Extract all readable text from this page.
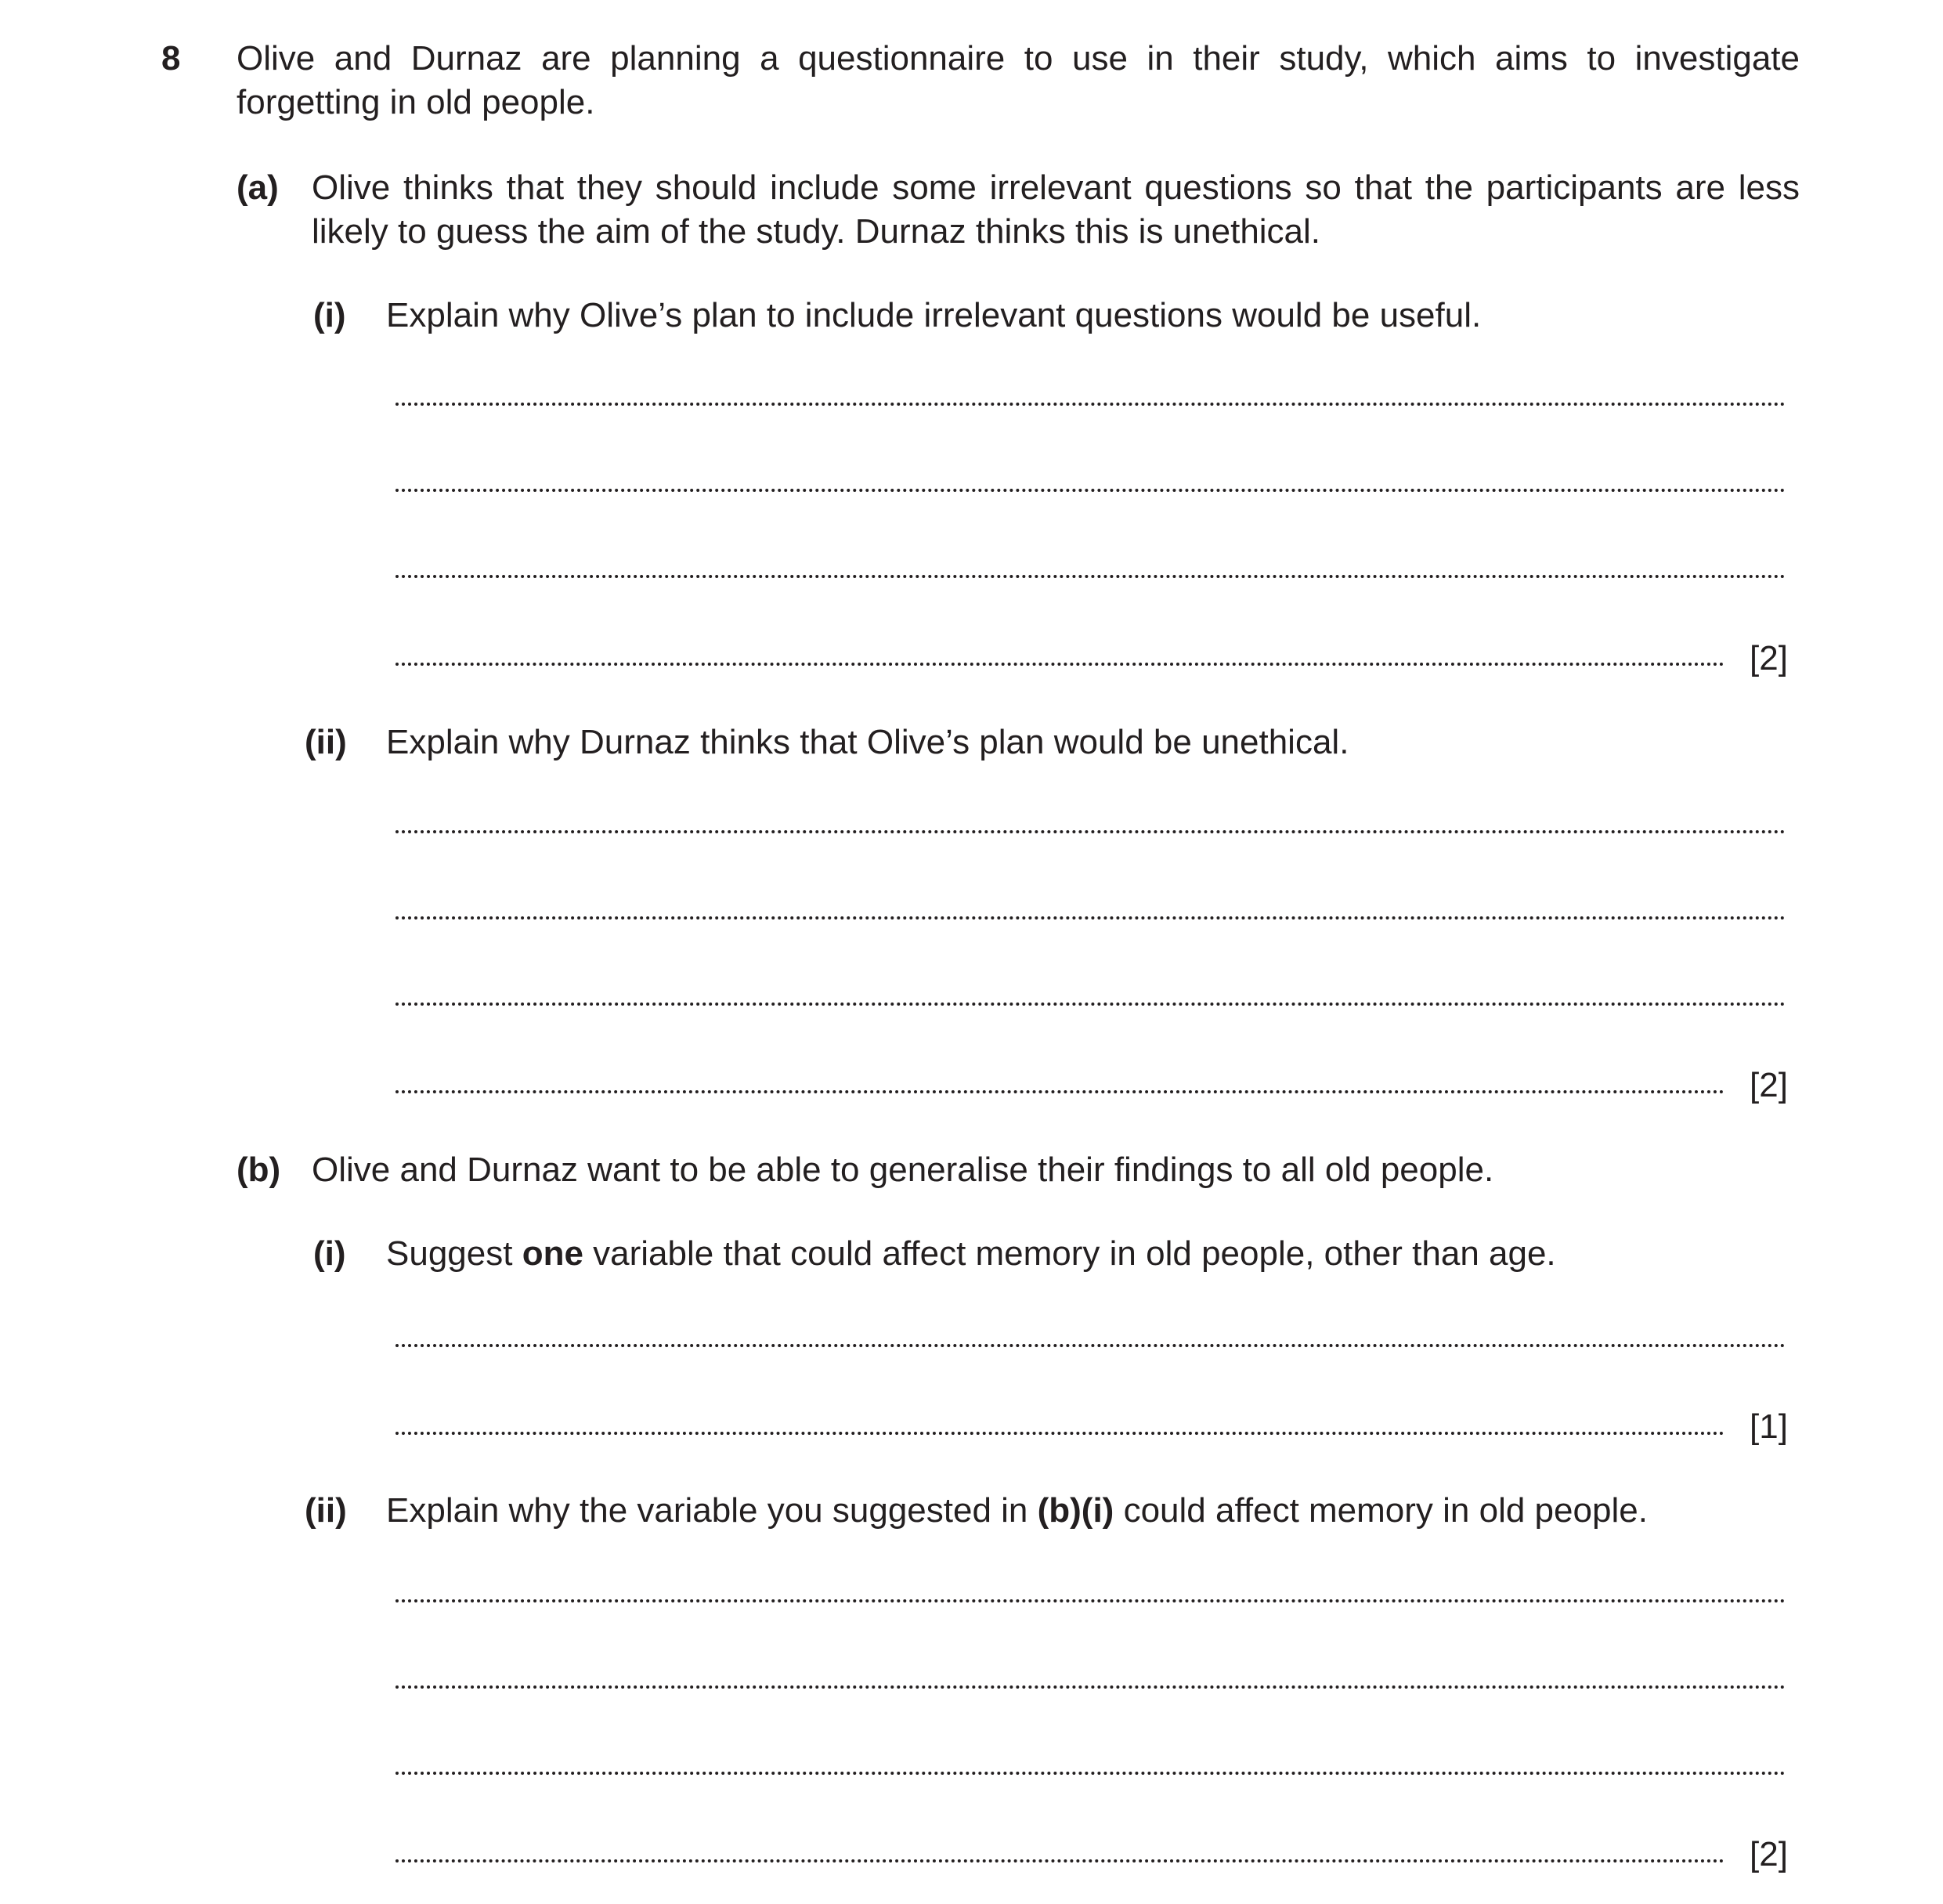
8 Olive and Durnaz are planning a questionnaire to use in their study, which aims to investigate forgetting in old people.
(a) Olive thinks that they should include some irrelevant questions so that the participants are less likely to guess the aim of the study. Durnaz thinks this is unethical.
(i) Explain why Olive’s plan to include irrelevant questions would be useful.
[2]
(ii) Explain why Durnaz thinks that Olive’s plan would be unethical.
[2]
(b) Olive and Durnaz want to be able to generalise their findings to all old people.
(i) Suggest one variable that could affect memory in old people, other than age.
[1]
(ii) Explain why the variable you suggested in (b)(i) could affect memory in old people.
[2]
